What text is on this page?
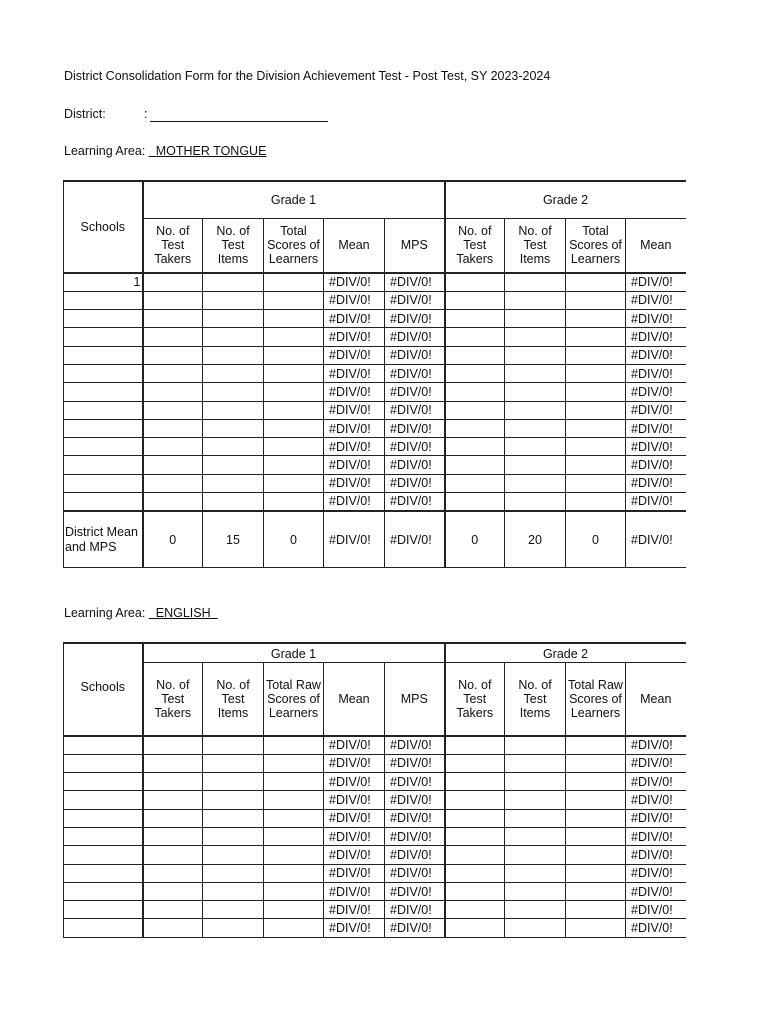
District Consolidation Form for the Division Achievement Test - Post Test, SY 2023-2024
District:	:
Learning Area: MOTHER TONGUE
Schools	Grade 1					Grade 2			
	No. of Test Takers	No. of Test Items	Total Scores of Learners	Mean	MPS	No. of Test Takers	No. of Test Items	Total Scores of Learners	Mean
1				#DIV/0!	#DIV/0!				#DIV/0!
				#DIV/0!	#DIV/0!				#DIV/0!
				#DIV/0!	#DIV/0!				#DIV/0!
				#DIV/0!	#DIV/0!				#DIV/0!
				#DIV/0!	#DIV/0!				#DIV/0!
				#DIV/0!	#DIV/0!				#DIV/0!
				#DIV/0!	#DIV/0!				#DIV/0!
				#DIV/0!	#DIV/0!				#DIV/0!
				#DIV/0!	#DIV/0!				#DIV/0!
				#DIV/0!	#DIV/0!				#DIV/0!
				#DIV/0!	#DIV/0!				#DIV/0!
				#DIV/0!	#DIV/0!				#DIV/0!
				#DIV/0!	#DIV/0!				#DIV/0!
District Mean and MPS	0	15	0	#DIV/0!	#DIV/0!	0	20	0	#DIV/0!
Learning Area: ENGLISH
Schools	Grade 1					Grade 2			
	No. of Test Takers	No. of Test Items	Total Raw Scores of Learners	Mean	MPS	No. of Test Takers	No. of Test Items	Total Raw Scores of Learners	Mean
				#DIV/0!	#DIV/0!				#DIV/0!
				#DIV/0!	#DIV/0!				#DIV/0!
				#DIV/0!	#DIV/0!				#DIV/0!
				#DIV/0!	#DIV/0!				#DIV/0!
				#DIV/0!	#DIV/0!				#DIV/0!
				#DIV/0!	#DIV/0!				#DIV/0!
				#DIV/0!	#DIV/0!				#DIV/0!
				#DIV/0!	#DIV/0!				#DIV/0!
				#DIV/0!	#DIV/0!				#DIV/0!
				#DIV/0!	#DIV/0!				#DIV/0!
				#DIV/0!	#DIV/0!				#DIV/0!
